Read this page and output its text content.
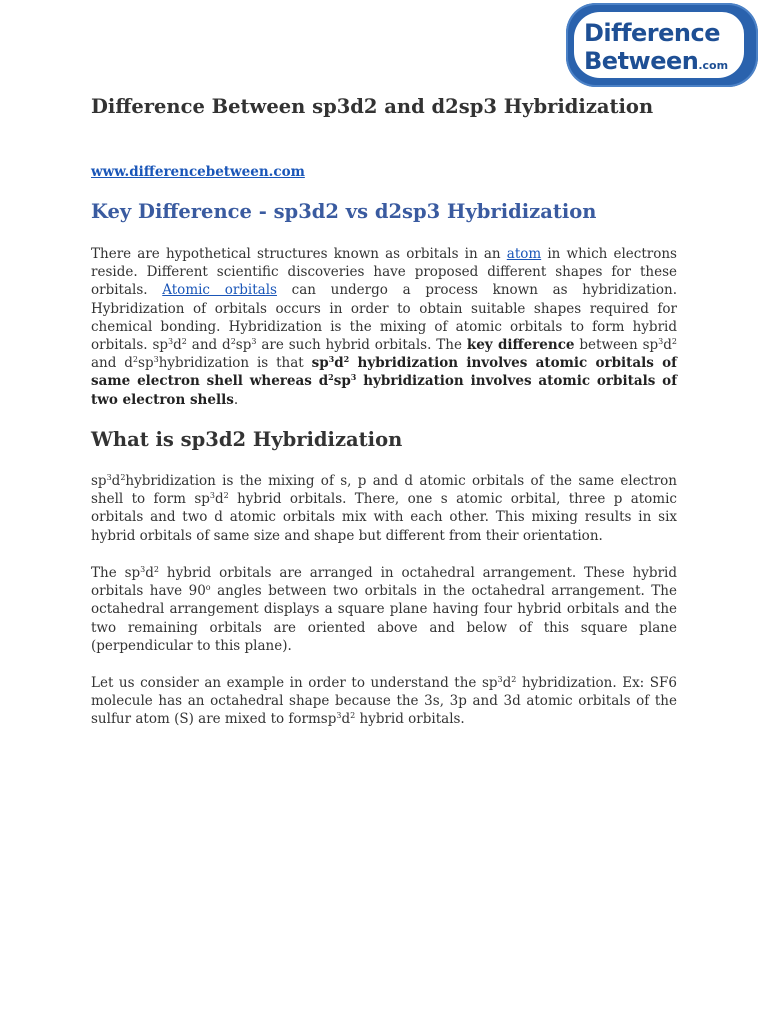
Difference
Between.com
Difference Between sp3d2 and d2sp3 Hybridization
www.differencebetween.com
Key Difference - sp3d2 vs d2sp3 Hybridization

There are hypothetical structures known as orbitals in an atom in which electrons reside. Different scientific discoveries have proposed different shapes for these orbitals. Atomic orbitals can undergo a process known as hybridization. Hybridization of orbitals occurs in order to obtain suitable shapes required for chemical bonding. Hybridization is the mixing of atomic orbitals to form hybrid orbitals. $sp^3d^2$ and $d^2sp^3$ are such hybrid orbitals. The key difference between $sp^3d^2$ and $d^2sp^3hybridization$ is that $sp^3d^2$ hybridization involves atomic orbitals of same electron shell whereas $d^2sp^3$ hybridization involves atomic orbitals of two electron shells.

What is sp3d2 Hybridization

$sp^3d^2hybridization$ is the mixing of s, p and d atomic orbitals of the same electron shell to form $sp^3d^2$ hybrid orbitals. There, one s atomic orbital, three p atomic orbitals and two d atomic orbitals mix with each other. This mixing results in six hybrid orbitals of same size and shape but different from their orientation.

The $sp^3d^2$ hybrid orbitals are arranged in octahedral arrangement. These hybrid orbitals have 90$^o$ angles between two orbitals in the octahedral arrangement. The octahedral arrangement displays a square plane having four hybrid orbitals and the two remaining orbitals are oriented above and below of this square plane (perpendicular to this plane).

Let us consider an example in order to understand the $sp^3d^2$ hybridization. Ex: SF6 molecule has an octahedral shape because the 3s, 3p and 3d atomic orbitals of the sulfur atom (S) are mixed to $formsp^3d^2$ hybrid orbitals.
